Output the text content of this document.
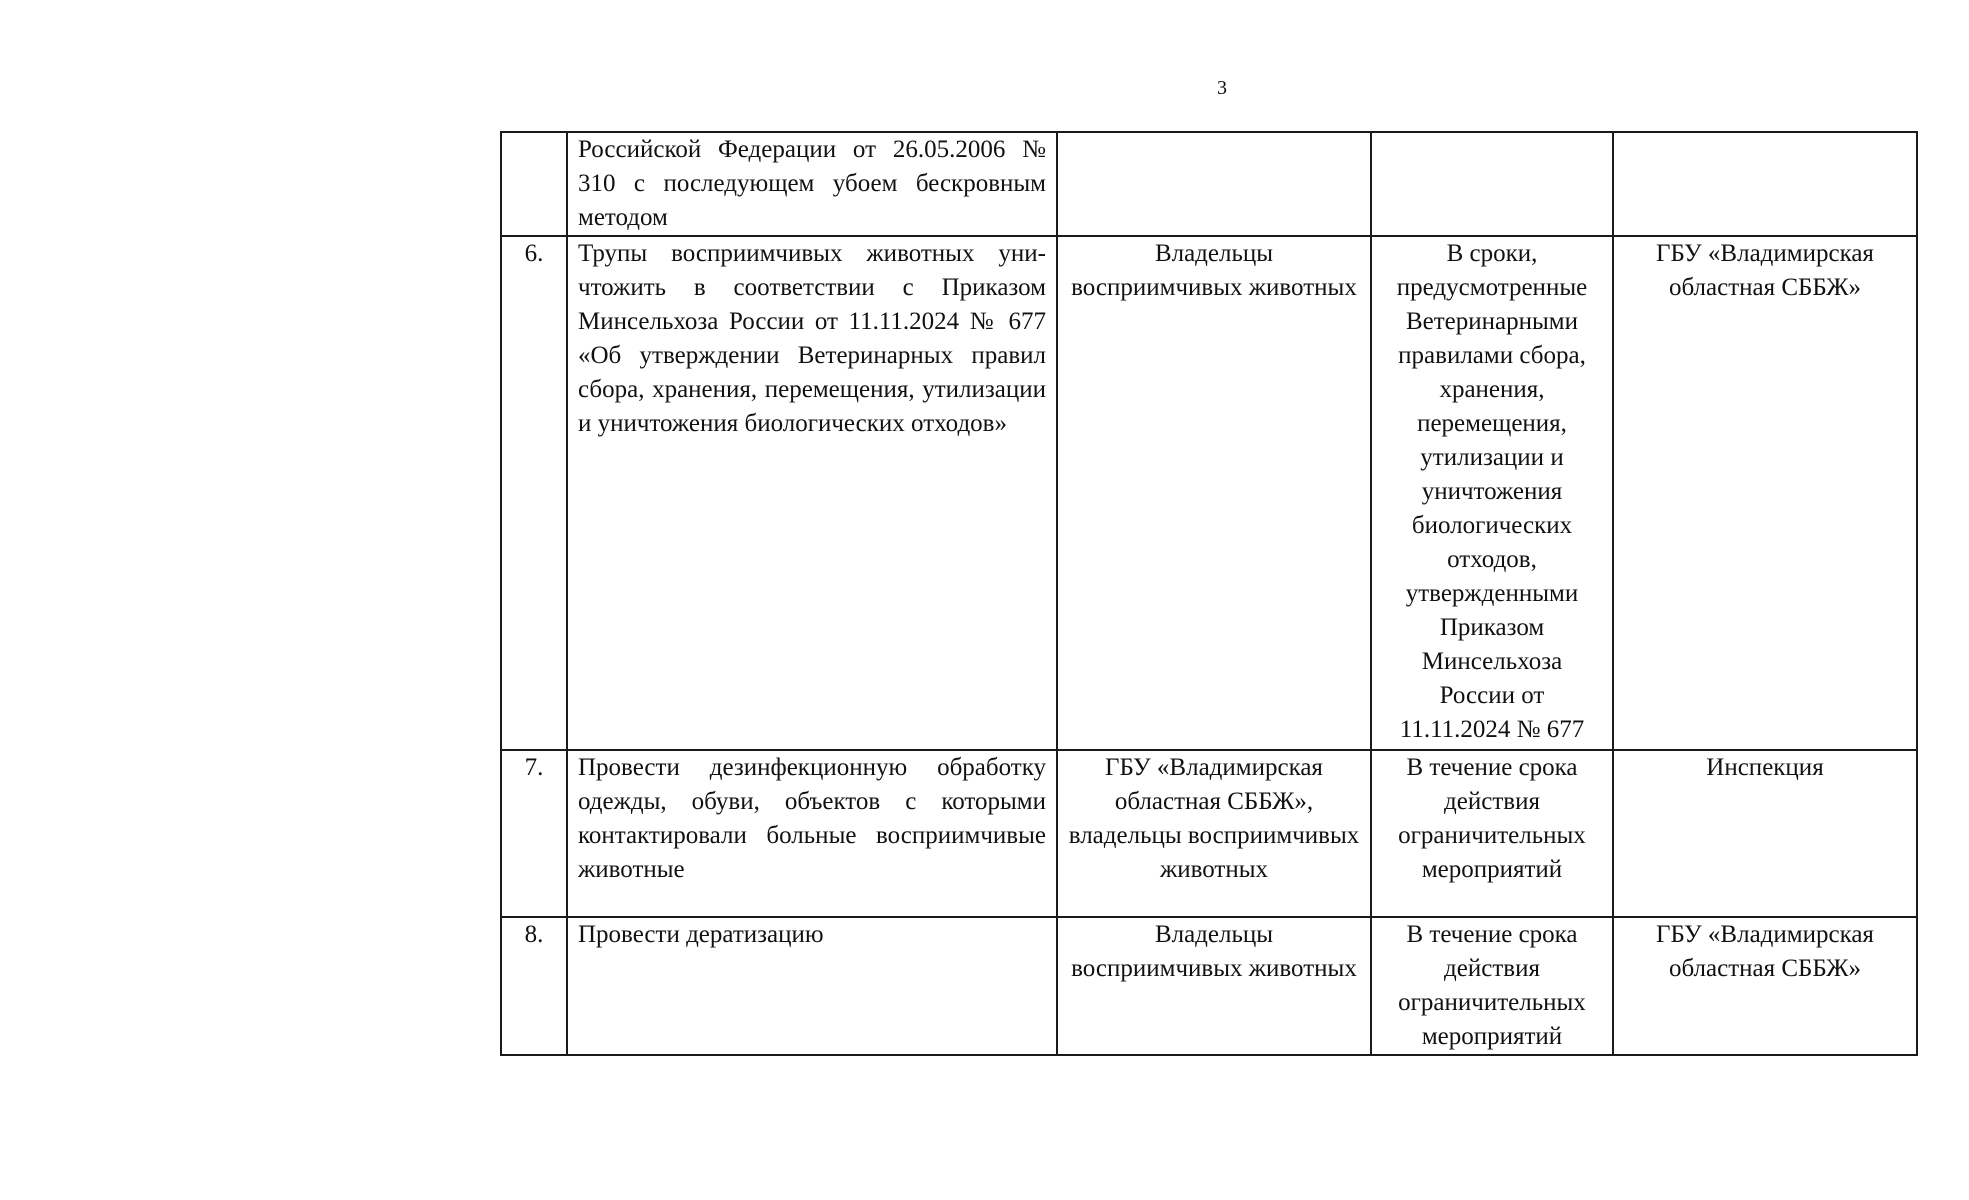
3
	Российской Федерации от 26.05.2006 № 310 с последующем убоем бескровным методом			
6.	Трупы восприимчивых животных уничтожить в соответствии с Приказом Минсельхоза России от 11.11.2024 № 677 «Об утверждении Ветеринарных правил сбора, хранения, перемещения, утилизации и уничтожения биологических отходов»	Владельцы восприимчивых животных	В сроки, предусмотренные Ветеринарными правилами сбора, хранения, перемещения, утилизации и уничтожения биологических отходов, утвержденными Приказом Минсельхоза России от 11.11.2024 № 677	ГБУ «Владимирская областная СББЖ»
7.	Провести дезинфекционную обработку одежды, обуви, объектов с которыми контактировали больные восприимчивые животные	ГБУ «Владимирская областная СББЖ», владельцы восприимчивых животных	В течение срока действия ограничительных мероприятий	Инспекция
8.	Провести дератизацию	Владельцы восприимчивых животных	В течение срока действия ограничительных мероприятий	ГБУ «Владимирская областная СББЖ»
